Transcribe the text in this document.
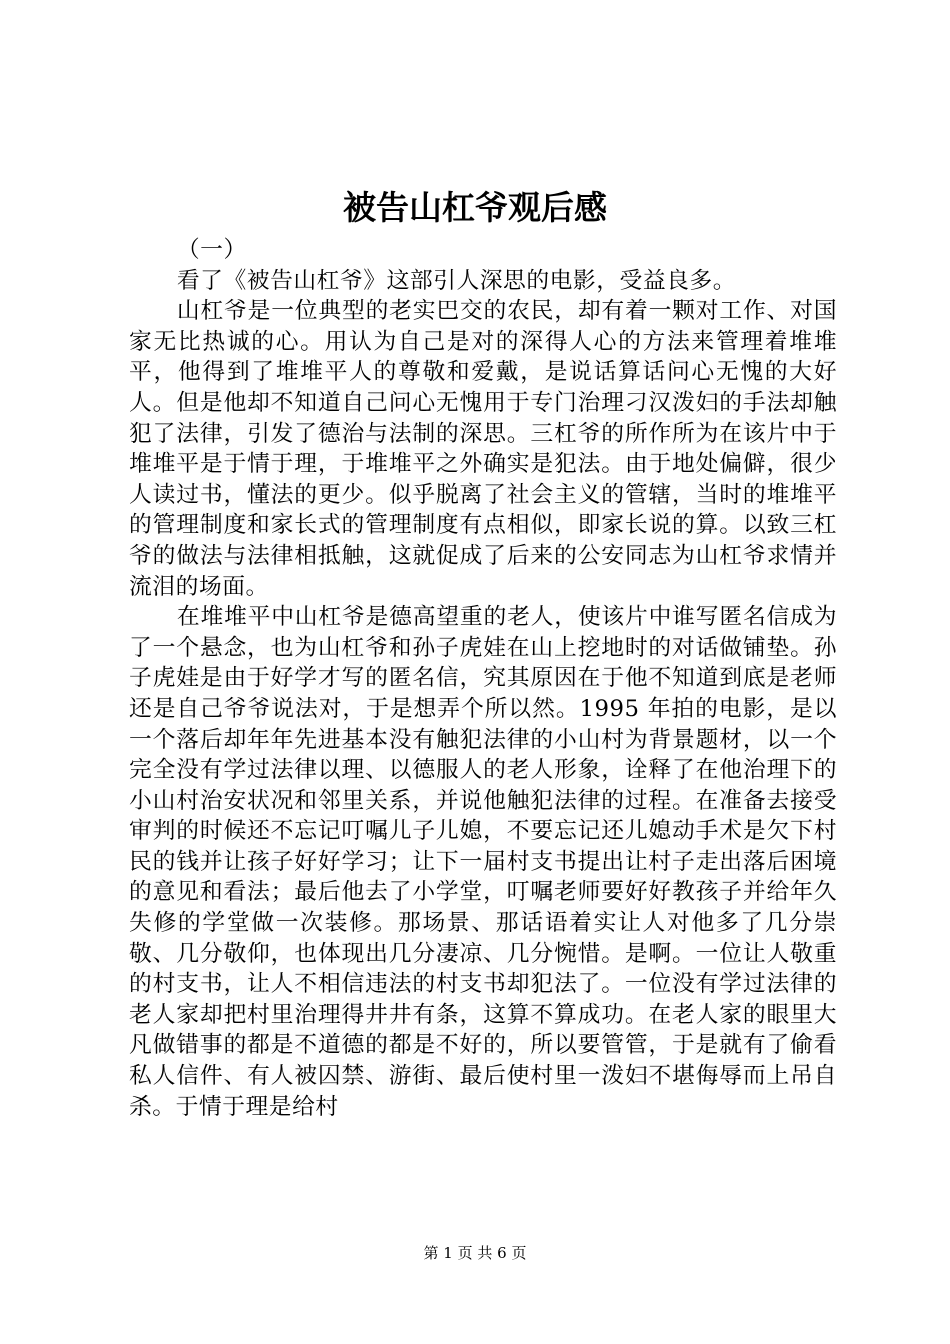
被告山杠爷观后感

（一）

看了《被告山杠爷》这部引人深思的电影，受益良多。

山杠爷是一位典型的老实巴交的农民，却有着一颗对工作、对国家无比热诚的心。用认为自己是对的深得人心的方法来管理着堆堆平，他得到了堆堆平人的尊敬和爱戴，是说话算话问心无愧的大好人。但是他却不知道自己问心无愧用于专门治理刁汉泼妇的手法却触犯了法律，引发了德治与法制的深思。三杠爷的所作所为在该片中于堆堆平是于情于理，于堆堆平之外确实是犯法。由于地处偏僻，很少人读过书，懂法的更少。似乎脱离了社会主义的管辖，当时的堆堆平的管理制度和家长式的管理制度有点相似，即家长说的算。以致三杠爷的做法与法律相抵触，这就促成了后来的公安同志为山杠爷求情并流泪的场面。

在堆堆平中山杠爷是德高望重的老人，使该片中谁写匿名信成为了一个悬念，也为山杠爷和孙子虎娃在山上挖地时的对话做铺垫。孙子虎娃是由于好学才写的匿名信，究其原因在于他不知道到底是老师还是自己爷爷说法对，于是想弄个所以然。1995 年拍的电影，是以一个落后却年年先进基本没有触犯法律的小山村为背景题材，以一个完全没有学过法律以理、以德服人的老人形象，诠释了在他治理下的小山村治安状况和邻里关系，并说他触犯法律的过程。在准备去接受审判的时候还不忘记叮嘱儿子儿媳，不要忘记还儿媳动手术是欠下村民的钱并让孩子好好学习；让下一届村支书提出让村子走出落后困境的意见和看法；最后他去了小学堂，叮嘱老师要好好教孩子并给年久失修的学堂做一次装修。那场景、那话语着实让人对他多了几分崇敬、几分敬仰，也体现出几分凄凉、几分惋惜。是啊。一位让人敬重的村支书，让人不相信违法的村支书却犯法了。一位没有学过法律的老人家却把村里治理得井井有条，这算不算成功。在老人家的眼里大凡做错事的都是不道德的都是不好的，所以要管管，于是就有了偷看私人信件、有人被囚禁、游街、最后使村里一泼妇不堪侮辱而上吊自杀。于情于理是给村

第 1 页 共 6 页
